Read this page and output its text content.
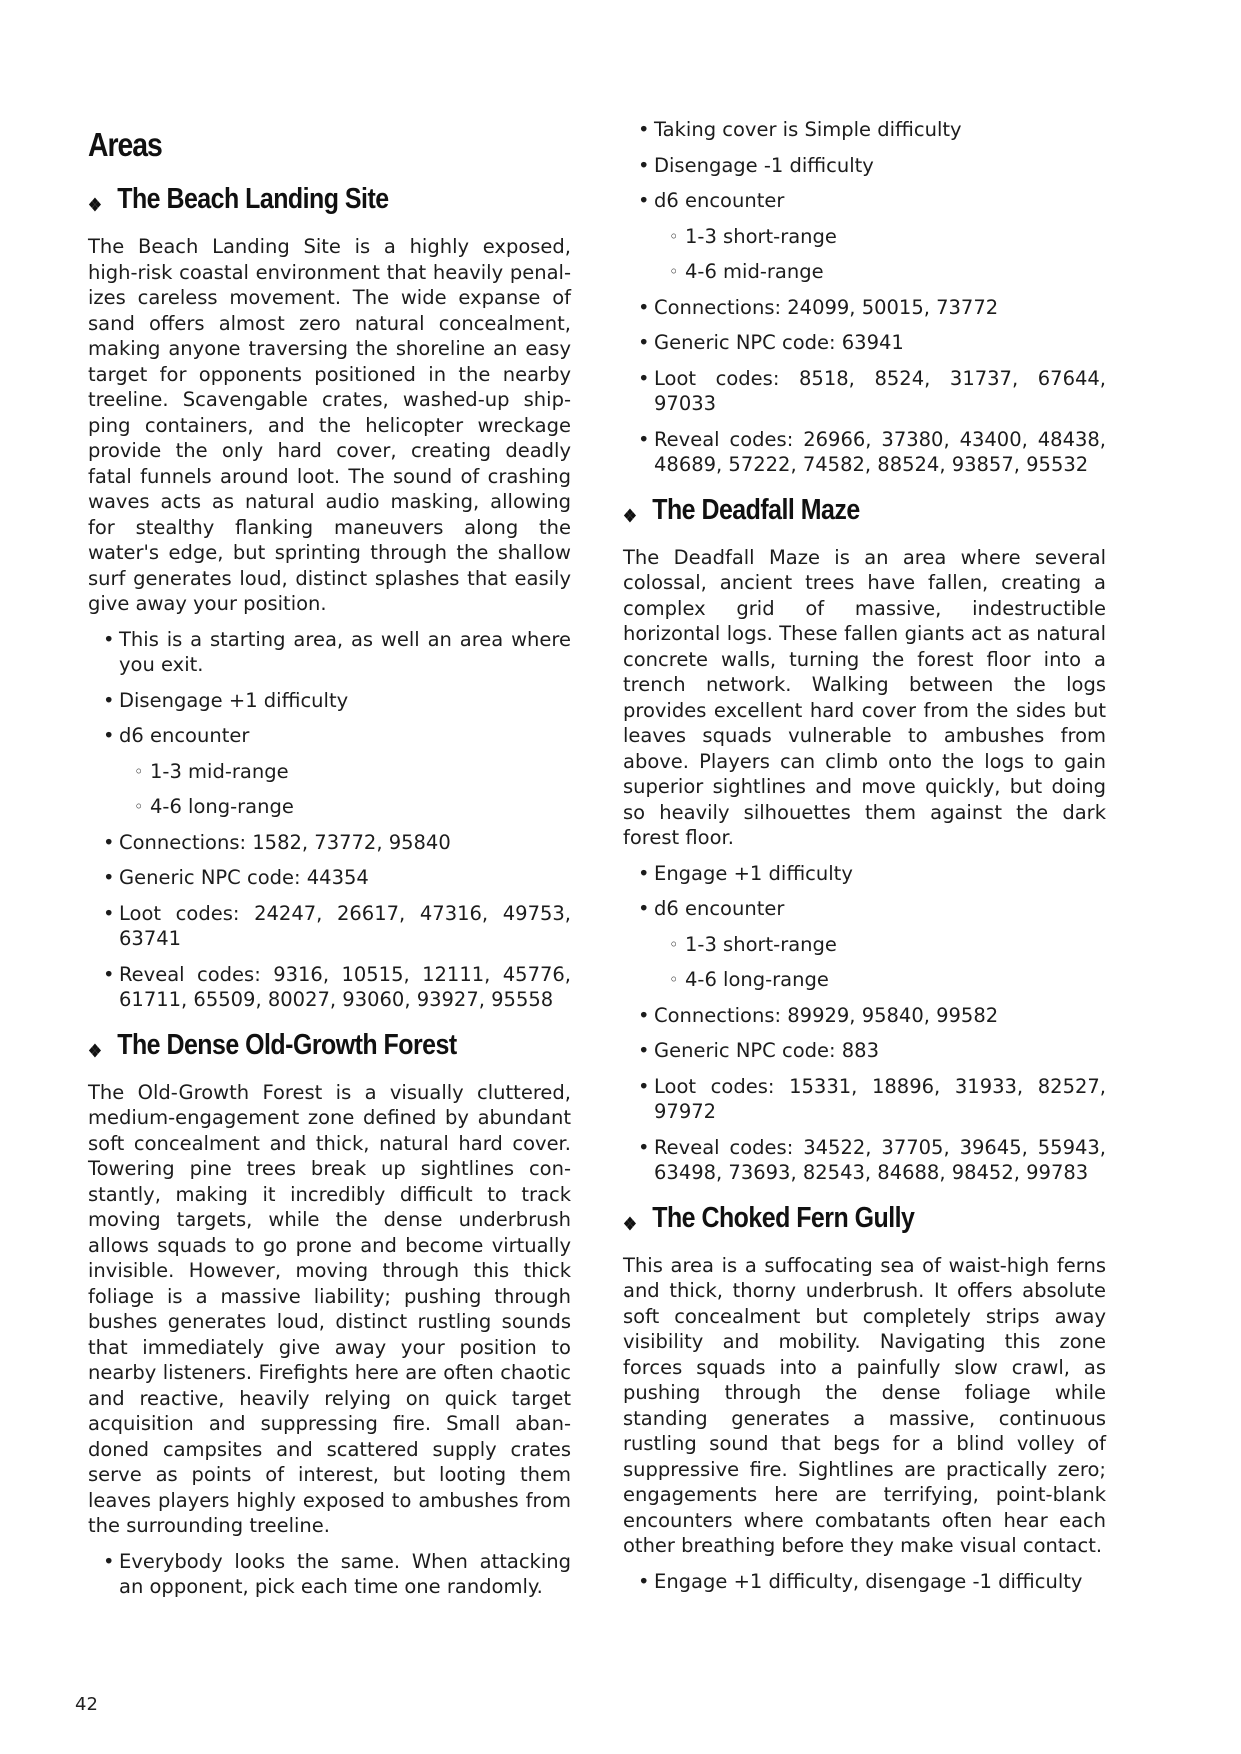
Areas
❖ The Beach Landing Site
The Beach Landing Site is a highly exposed, high-risk coastal environment that heavily penalizes careless movement. The wide expanse of sand offers almost zero natural concealment, making anyone traversing the shoreline an easy target for opponents positioned in the nearby treeline. Scavengable crates, washed-up shipping containers, and the helicopter wreckage provide the only hard cover, creating deadly fatal funnels around loot. The sound of crashing waves acts as natural audio masking, allowing for stealthy flanking maneuvers along the water's edge, but sprinting through the shallow surf generates loud, distinct splashes that easily give away your position.
• This is a starting area, as well an area where you exit.
• Disengage +1 difficulty
• d6 encounter
◦ 1-3 mid-range
◦ 4-6 long-range
• Connections: 1582, 73772, 95840
• Generic NPC code: 44354
• Loot codes: 24247, 26617, 47316, 49753, 63741
• Reveal codes: 9316, 10515, 12111, 45776, 61711, 65509, 80027, 93060, 93927, 95558
❖ The Dense Old-Growth Forest
The Old-Growth Forest is a visually cluttered, medium-engagement zone defined by abundant soft concealment and thick, natural hard cover. Towering pine trees break up sightlines constantly, making it incredibly difficult to track moving targets, while the dense underbrush allows squads to go prone and become virtually invisible. However, moving through this thick foliage is a massive liability; pushing through bushes generates loud, distinct rustling sounds that immediately give away your position to nearby listeners. Firefights here are often chaotic and reactive, heavily relying on quick target acquisition and suppressing fire. Small abandoned campsites and scattered supply crates serve as points of interest, but looting them leaves players highly exposed to ambushes from the surrounding treeline.
• Everybody looks the same. When attacking an opponent, pick each time one randomly.
• Taking cover is Simple difficulty
• Disengage -1 difficulty
• d6 encounter
◦ 1-3 short-range
◦ 4-6 mid-range
• Connections: 24099, 50015, 73772
• Generic NPC code: 63941
• Loot codes: 8518, 8524, 31737, 67644, 97033
• Reveal codes: 26966, 37380, 43400, 48438, 48689, 57222, 74582, 88524, 93857, 95532
❖ The Deadfall Maze
The Deadfall Maze is an area where several colossal, ancient trees have fallen, creating a complex grid of massive, indestructible horizontal logs. These fallen giants act as natural concrete walls, turning the forest floor into a trench network. Walking between the logs provides excellent hard cover from the sides but leaves squads vulnerable to ambushes from above. Players can climb onto the logs to gain superior sightlines and move quickly, but doing so heavily silhouettes them against the dark forest floor.
• Engage +1 difficulty
• d6 encounter
◦ 1-3 short-range
◦ 4-6 long-range
• Connections: 89929, 95840, 99582
• Generic NPC code: 883
• Loot codes: 15331, 18896, 31933, 82527, 97972
• Reveal codes: 34522, 37705, 39645, 55943, 63498, 73693, 82543, 84688, 98452, 99783
❖ The Choked Fern Gully
This area is a suffocating sea of waist-high ferns and thick, thorny underbrush. It offers absolute soft concealment but completely strips away visibility and mobility. Navigating this zone forces squads into a painfully slow crawl, as pushing through the dense foliage while standing generates a massive, continuous rustling sound that begs for a blind volley of suppressive fire. Sightlines are practically zero; engagements here are terrifying, point-blank encounters where combatants often hear each other breathing before they make visual contact.
• Engage +1 difficulty, disengage -1 difficulty
42
